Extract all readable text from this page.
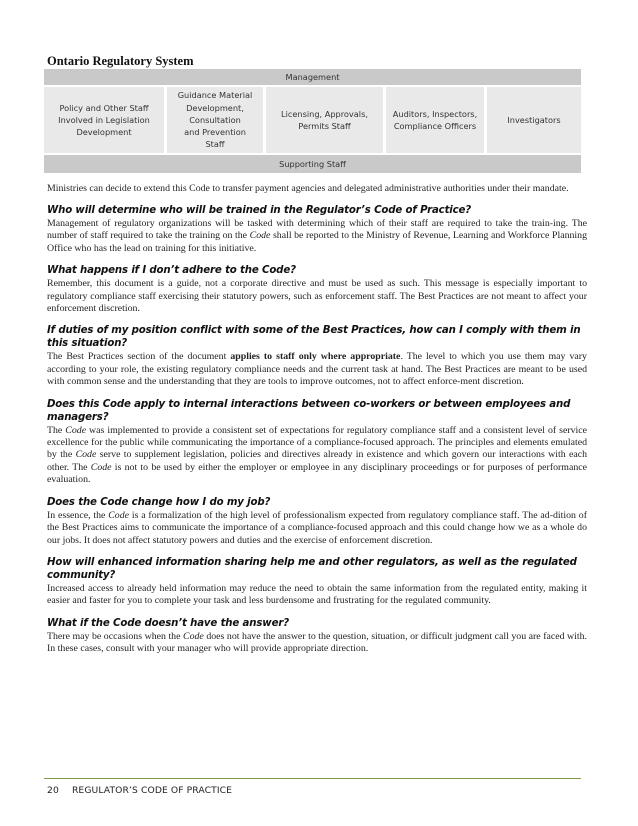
Ontario Regulatory System
Management
Policy and Other Staff
Involved in Legislation
Development
Guidance Material
Development,
Consultation
and Prevention
Staff
Licensing, Approvals,
Permits Staff
Auditors, Inspectors,
Compliance Officers
Investigators
Supporting Staff

Ministries can decide to extend this Code to transfer payment agencies and delegated administrative authorities under their mandate.

Who will determine who will be trained in the Regulator’s Code of Practice?

Management of regulatory organizations will be tasked with determining which of their staff are required to take the train-ing. The number of staff required to take the training on the Code shall be reported to the Ministry of Revenue, Learning and Workforce Planning Office who has the lead on training for this initiative.

What happens if I don’t adhere to the Code?

Remember, this document is a guide, not a corporate directive and must be used as such. This message is especially important to regulatory compliance staff exercising their statutory powers, such as enforcement staff. The Best Practices are not meant to affect your enforcement discretion.

If duties of my position conflict with some of the Best Practices, how can I comply with them in this situation?

The Best Practices section of the document applies to staff only where appropriate. The level to which you use them may vary according to your role, the existing regulatory compliance needs and the current task at hand. The Best Practices are meant to be used with common sense and the understanding that they are tools to improve outcomes, not to affect enforce-ment discretion.

Does this Code apply to internal interactions between co-workers or between employees and managers?

The Code was implemented to provide a consistent set of expectations for regulatory compliance staff and a consistent level of service excellence for the public while communicating the importance of a compliance-focused approach. The principles and elements emulated by the Code serve to supplement legislation, policies and directives already in existence and which govern our interactions with each other. The Code is not to be used by either the employer or employee in any disciplinary proceedings or for purposes of performance evaluation.

Does the Code change how I do my job?

In essence, the Code is a formalization of the high level of professionalism expected from regulatory compliance staff. The ad-dition of the Best Practices aims to communicate the importance of a compliance-focused approach and this could change how we as a whole do our jobs. It does not affect statutory powers and duties and the exercise of enforcement discretion.

How will enhanced information sharing help me and other regulators, as well as the regulated community?

Increased access to already held information may reduce the need to obtain the same information from the regulated entity, making it easier and faster for you to complete your task and less burdensome and frustrating for the regulated community.

What if the Code doesn’t have the answer?

There may be occasions when the Code does not have the answer to the question, situation, or difficult judgment call you are faced with. In these cases, consult with your manager who will provide appropriate direction.

20 REGULATOR’S CODE OF PRACTICE
